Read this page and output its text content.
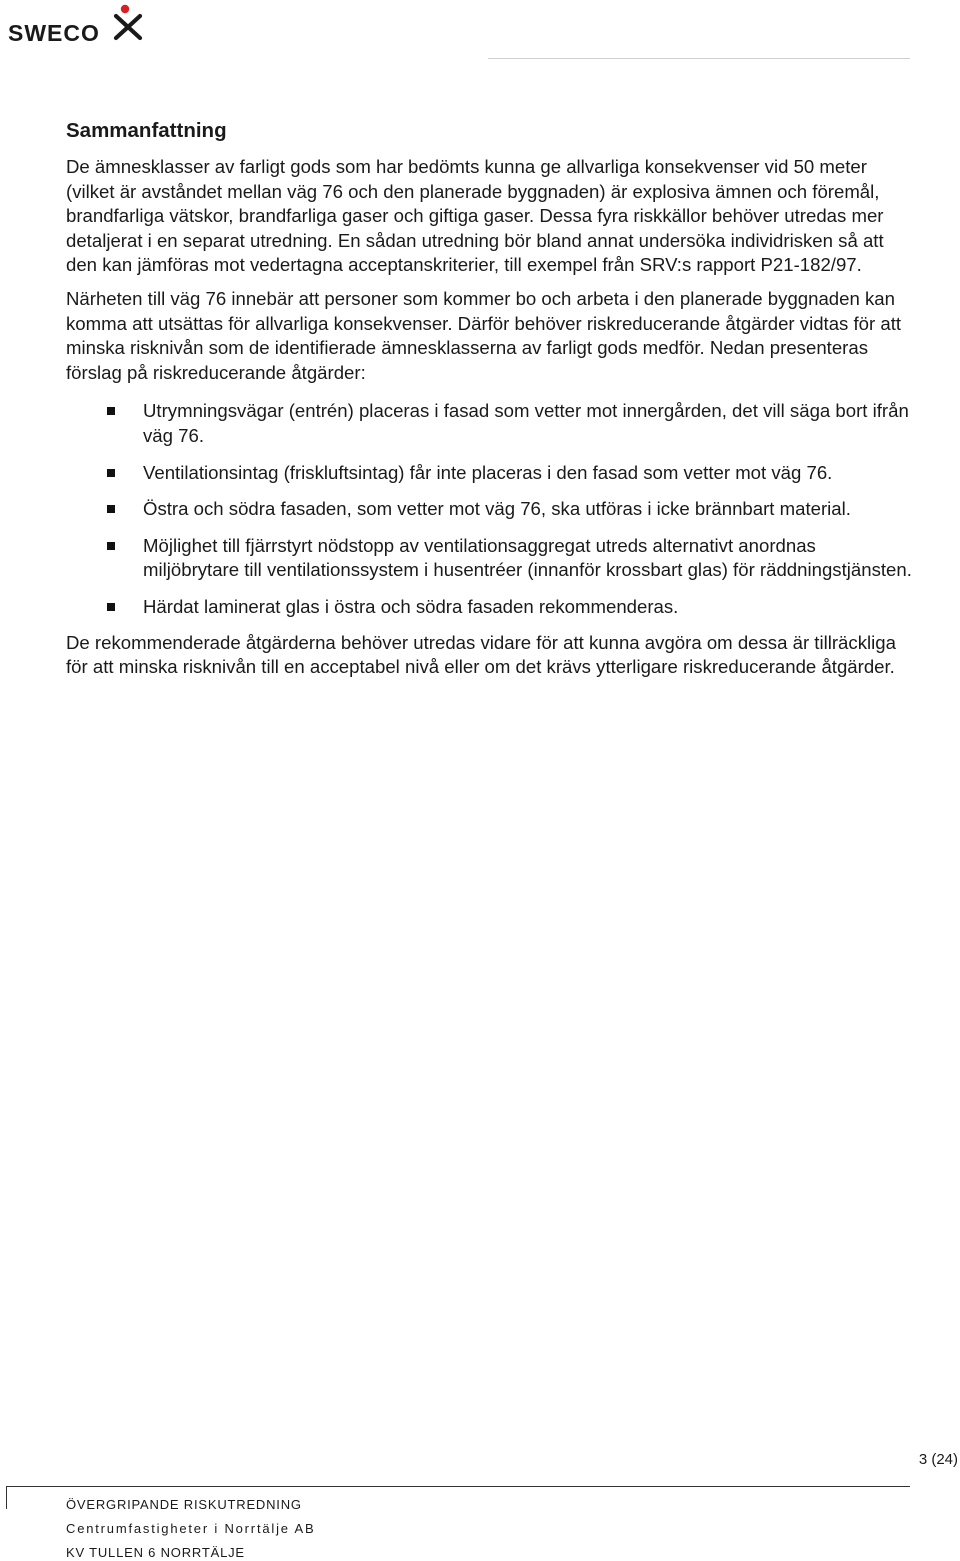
SWECO
Sammanfattning

De ämnesklasser av farligt gods som har bedömts kunna ge allvarliga konsekvenser vid 50 meter (vilket är avståndet mellan väg 76 och den planerade byggnaden) är explosiva ämnen och föremål, brandfarliga vätskor, brandfarliga gaser och giftiga gaser. Dessa fyra riskkällor behöver utredas mer detaljerat i en separat utredning. En sådan utredning bör bland annat undersöka individrisken så att den kan jämföras mot vedertagna acceptanskriterier, till exempel från SRV:s rapport P21-182/97.

Närheten till väg 76 innebär att personer som kommer bo och arbeta i den planerade byggnaden kan komma att utsättas för allvarliga konsekvenser. Därför behöver riskreducerande åtgärder vidtas för att minska risknivån som de identifierade ämnesklasserna av farligt gods medför. Nedan presenteras förslag på riskreducerande åtgärder:

Utrymningsvägar (entrén) placeras i fasad som vetter mot innergården, det vill säga bort ifrån väg 76.
Ventilationsintag (friskluftsintag) får inte placeras i den fasad som vetter mot väg 76.
Östra och södra fasaden, som vetter mot väg 76, ska utföras i icke brännbart material.
Möjlighet till fjärrstyrt nödstopp av ventilationsaggregat utreds alternativt anordnas miljöbrytare till ventilationssystem i husentréer (innanför krossbart glas) för räddningstjänsten.
Härdat laminerat glas i östra och södra fasaden rekommenderas.

De rekommenderade åtgärderna behöver utredas vidare för att kunna avgöra om dessa är tillräckliga för att minska risknivån till en acceptabel nivå eller om det krävs ytterligare riskreducerande åtgärder.

3 (24)
ÖVERGRIPANDE RISKUTREDNING
Centrumfastigheter i Norrtälje AB
KV TULLEN 6 NORRTÄLJE
